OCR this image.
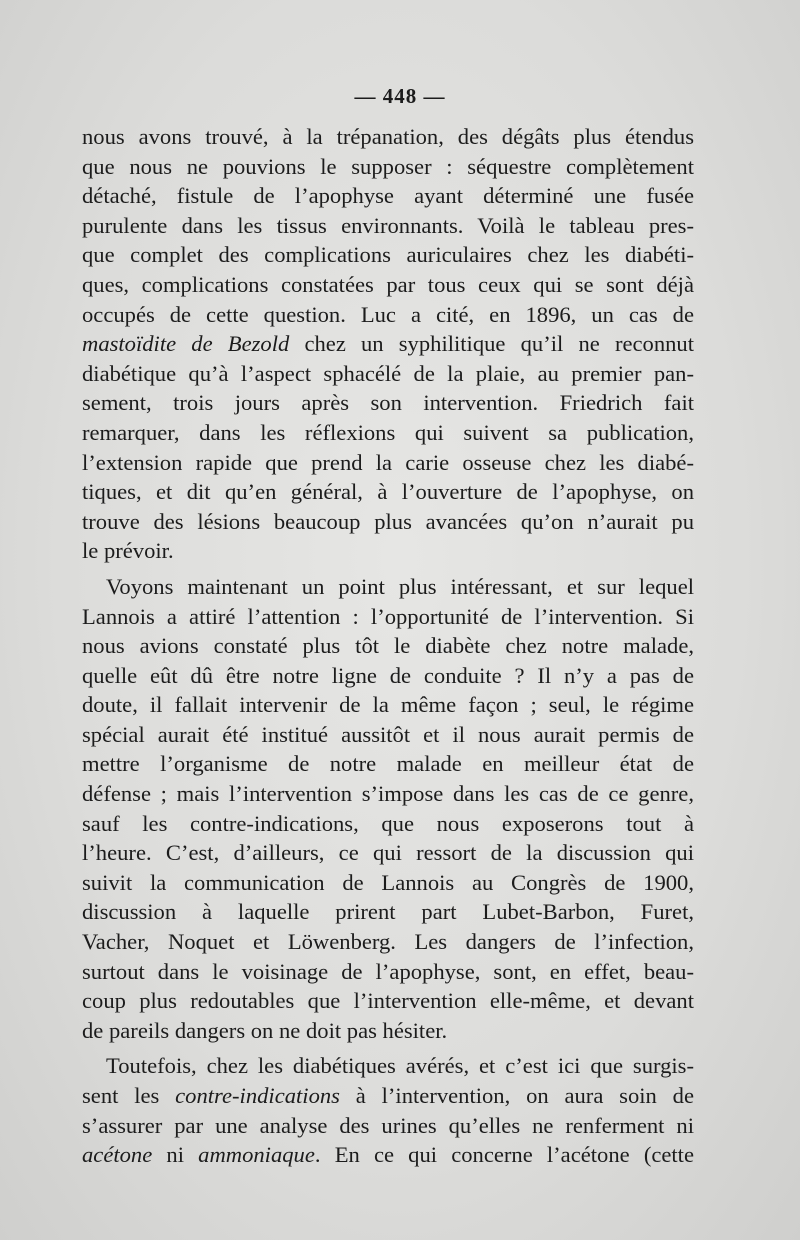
— 448 —
nous avons trouvé, à la trépanation, des dégâts plus étendus
que nous ne pouvions le supposer : séquestre complètement
détaché, fistule de l’apophyse ayant déterminé une fusée
purulente dans les tissus environnants. Voilà le tableau pres-
que complet des complications auriculaires chez les diabéti-
ques, complications constatées par tous ceux qui se sont déjà
occupés de cette question. Luc a cité, en 1896, un cas de
mastoïdite de Bezold chez un syphilitique qu’il ne reconnut
diabétique qu’à l’aspect sphacélé de la plaie, au premier pan-
sement, trois jours après son intervention. Friedrich fait
remarquer, dans les réflexions qui suivent sa publication,
l’extension rapide que prend la carie osseuse chez les diabé-
tiques, et dit qu’en général, à l’ouverture de l’apophyse, on
trouve des lésions beaucoup plus avancées qu’on n’aurait pu
le prévoir.
Voyons maintenant un point plus intéressant, et sur lequel
Lannois a attiré l’attention : l’opportunité de l’intervention. Si
nous avions constaté plus tôt le diabète chez notre malade,
quelle eût dû être notre ligne de conduite ? Il n’y a pas de
doute, il fallait intervenir de la même façon ; seul, le régime
spécial aurait été institué aussitôt et il nous aurait permis de
mettre l’organisme de notre malade en meilleur état de
défense ; mais l’intervention s’impose dans les cas de ce genre,
sauf les contre-indications, que nous exposerons tout à
l’heure. C’est, d’ailleurs, ce qui ressort de la discussion qui
suivit la communication de Lannois au Congrès de 1900,
discussion à laquelle prirent part Lubet-Barbon, Furet,
Vacher, Noquet et Löwenberg. Les dangers de l’infection,
surtout dans le voisinage de l’apophyse, sont, en effet, beau-
coup plus redoutables que l’intervention elle-même, et devant
de pareils dangers on ne doit pas hésiter.
Toutefois, chez les diabétiques avérés, et c’est ici que surgis-
sent les contre-indications à l’intervention, on aura soin de
s’assurer par une analyse des urines qu’elles ne renferment ni
acétone ni ammoniaque. En ce qui concerne l’acétone (cette
